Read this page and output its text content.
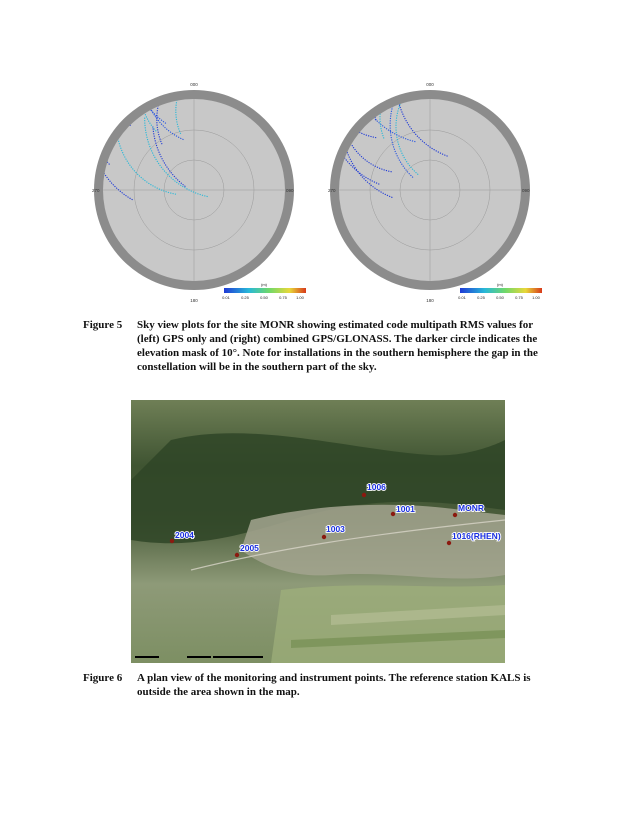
000
270	090
180
(m)
0.01	0.25	0.50	0.75 1.00
000
270	090
180
(m)
0.01	0.25	0.50	0.75 1.00
Figure 5	Sky view plots for the site MONR showing estimated code multipath RMS values for (left) GPS only and (right) combined GPS/GLONASS. The darker circle indicates the elevation mask of 10°. Note for installations in the southern hemisphere the gap in the constellation will be in the southern part of the sky.
1006
1001	MONR
1003
1016(RHEN)
2004
2005
Figure 6	A plan view of the monitoring and instrument points. The reference station KALS is outside the area shown in the map.
